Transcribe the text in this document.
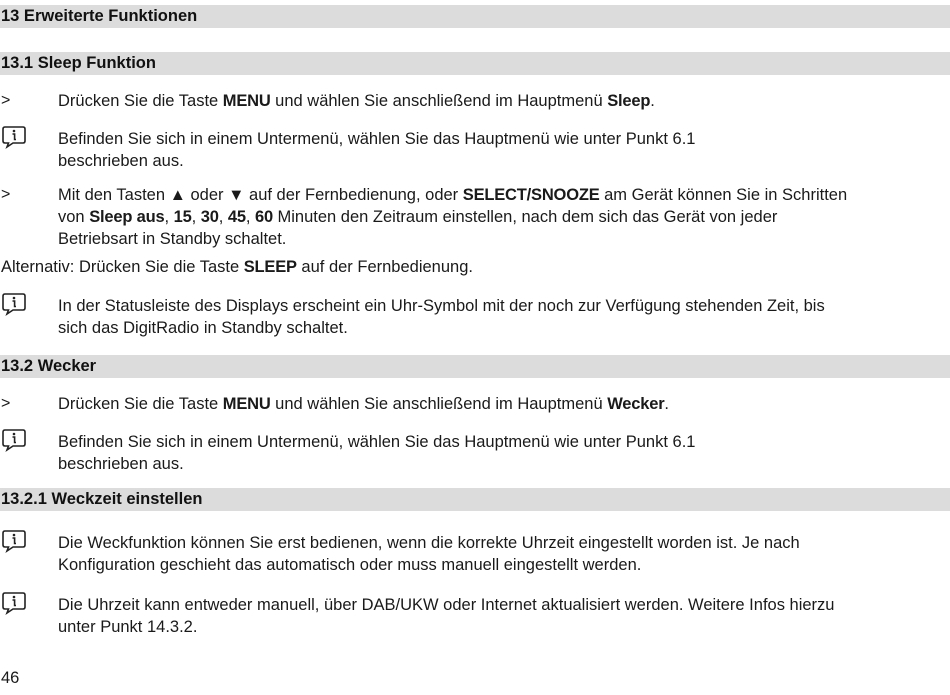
13 Erweiterte Funktionen
13.1 Sleep Funktion
>	Drücken Sie die Taste MENU und wählen Sie anschließend im Hauptmenü Sleep.
Befinden Sie sich in einem Untermenü, wählen Sie das Hauptmenü wie unter Punkt 6.1
beschrieben aus.
>	Mit den Tasten ▲ oder ▼ auf der Fernbedienung, oder SELECT/SNOOZE am Gerät können Sie in Schritten
von Sleep aus, 15, 30, 45, 60 Minuten den Zeitraum einstellen, nach dem sich das Gerät von jeder
Betriebsart in Standby schaltet.
Alternativ: Drücken Sie die Taste SLEEP auf der Fernbedienung.
In der Statusleiste des Displays erscheint ein Uhr-Symbol mit der noch zur Verfügung stehenden Zeit, bis
sich das DigitRadio in Standby schaltet.
13.2 Wecker
>	Drücken Sie die Taste MENU und wählen Sie anschließend im Hauptmenü Wecker.
Befinden Sie sich in einem Untermenü, wählen Sie das Hauptmenü wie unter Punkt 6.1
beschrieben aus.
13.2.1 Weckzeit einstellen
Die Weckfunktion können Sie erst bedienen, wenn die korrekte Uhrzeit eingestellt worden ist. Je nach
Konfiguration geschieht das automatisch oder muss manuell eingestellt werden.
Die Uhrzeit kann entweder manuell, über DAB/UKW oder Internet aktualisiert werden. Weitere Infos hierzu
unter Punkt 14.3.2.
46
